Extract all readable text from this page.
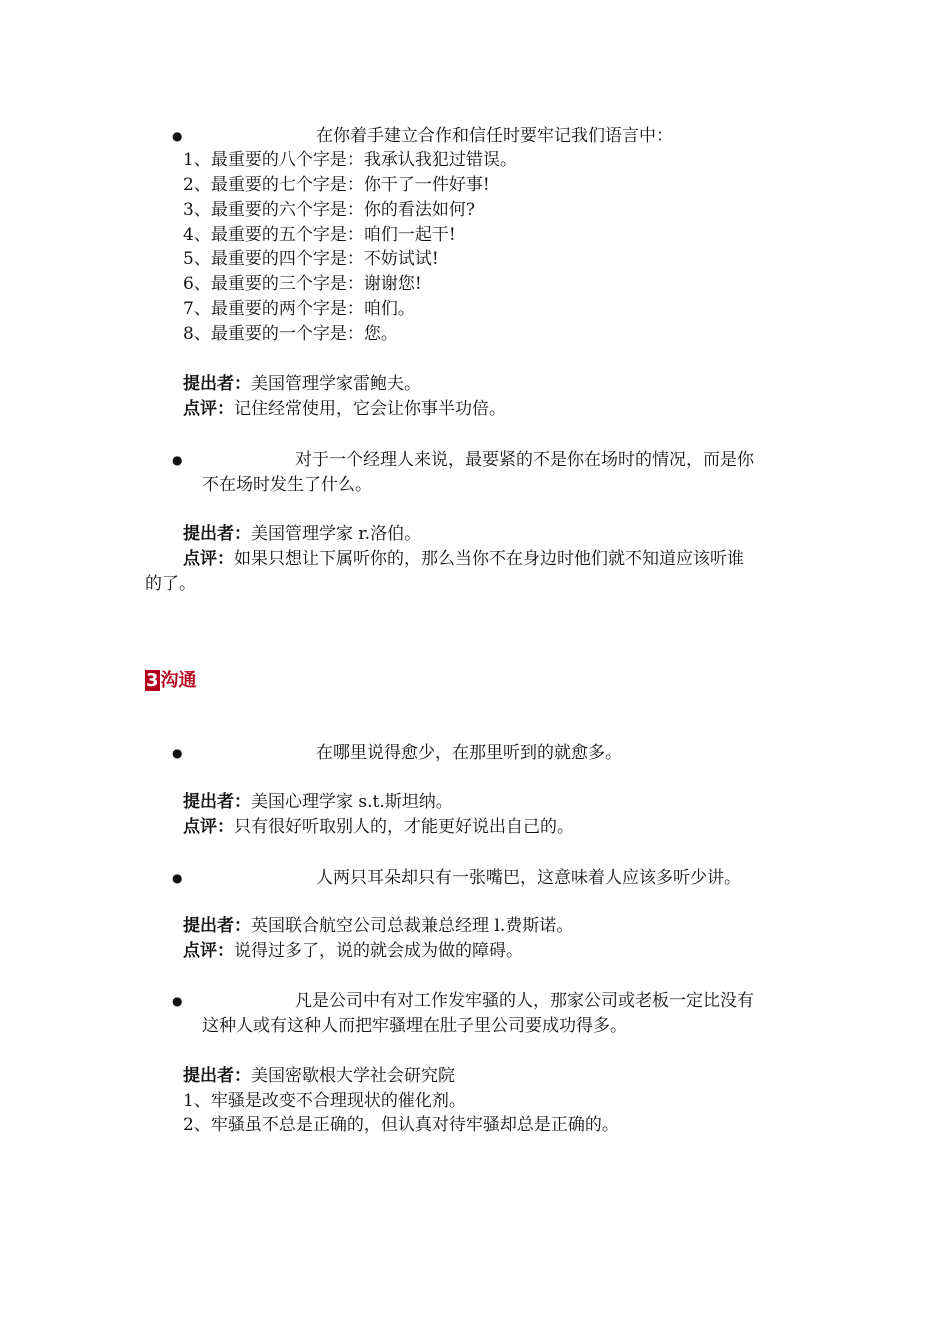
●	在你着手建立合作和信任时要牢记我们语言中：
1、最重要的八个字是：我承认我犯过错误。
2、最重要的七个字是：你干了一件好事!
3、最重要的六个字是：你的看法如何?
4、最重要的五个字是：咱们一起干!
5、最重要的四个字是：不妨试试!
6、最重要的三个字是：谢谢您!
7、最重要的两个字是：咱们。
8、最重要的一个字是：您。
提出者：美国管理学家雷鲍夫。
点评：记住经常使用，它会让你事半功倍。
●	对于一个经理人来说，最要紧的不是你在场时的情况，而是你
不在场时发生了什么。
提出者：美国管理学家 r.洛伯。
点评：如果只想让下属听你的，那么当你不在身边时他们就不知道应该听谁
的了。
3 沟通
●	在哪里说得愈少，在那里听到的就愈多。
提出者：美国心理学家 s.t.斯坦纳。
点评：只有很好听取别人的，才能更好说出自己的。
●	人两只耳朵却只有一张嘴巴，这意味着人应该多听少讲。
提出者：英国联合航空公司总裁兼总经理 l.费斯诺。
点评：说得过多了，说的就会成为做的障碍。
●	凡是公司中有对工作发牢骚的人，那家公司或老板一定比没有
这种人或有这种人而把牢骚埋在肚子里公司要成功得多。
提出者：美国密歇根大学社会研究院
1、牢骚是改变不合理现状的催化剂。
2、牢骚虽不总是正确的，但认真对待牢骚却总是正确的。
